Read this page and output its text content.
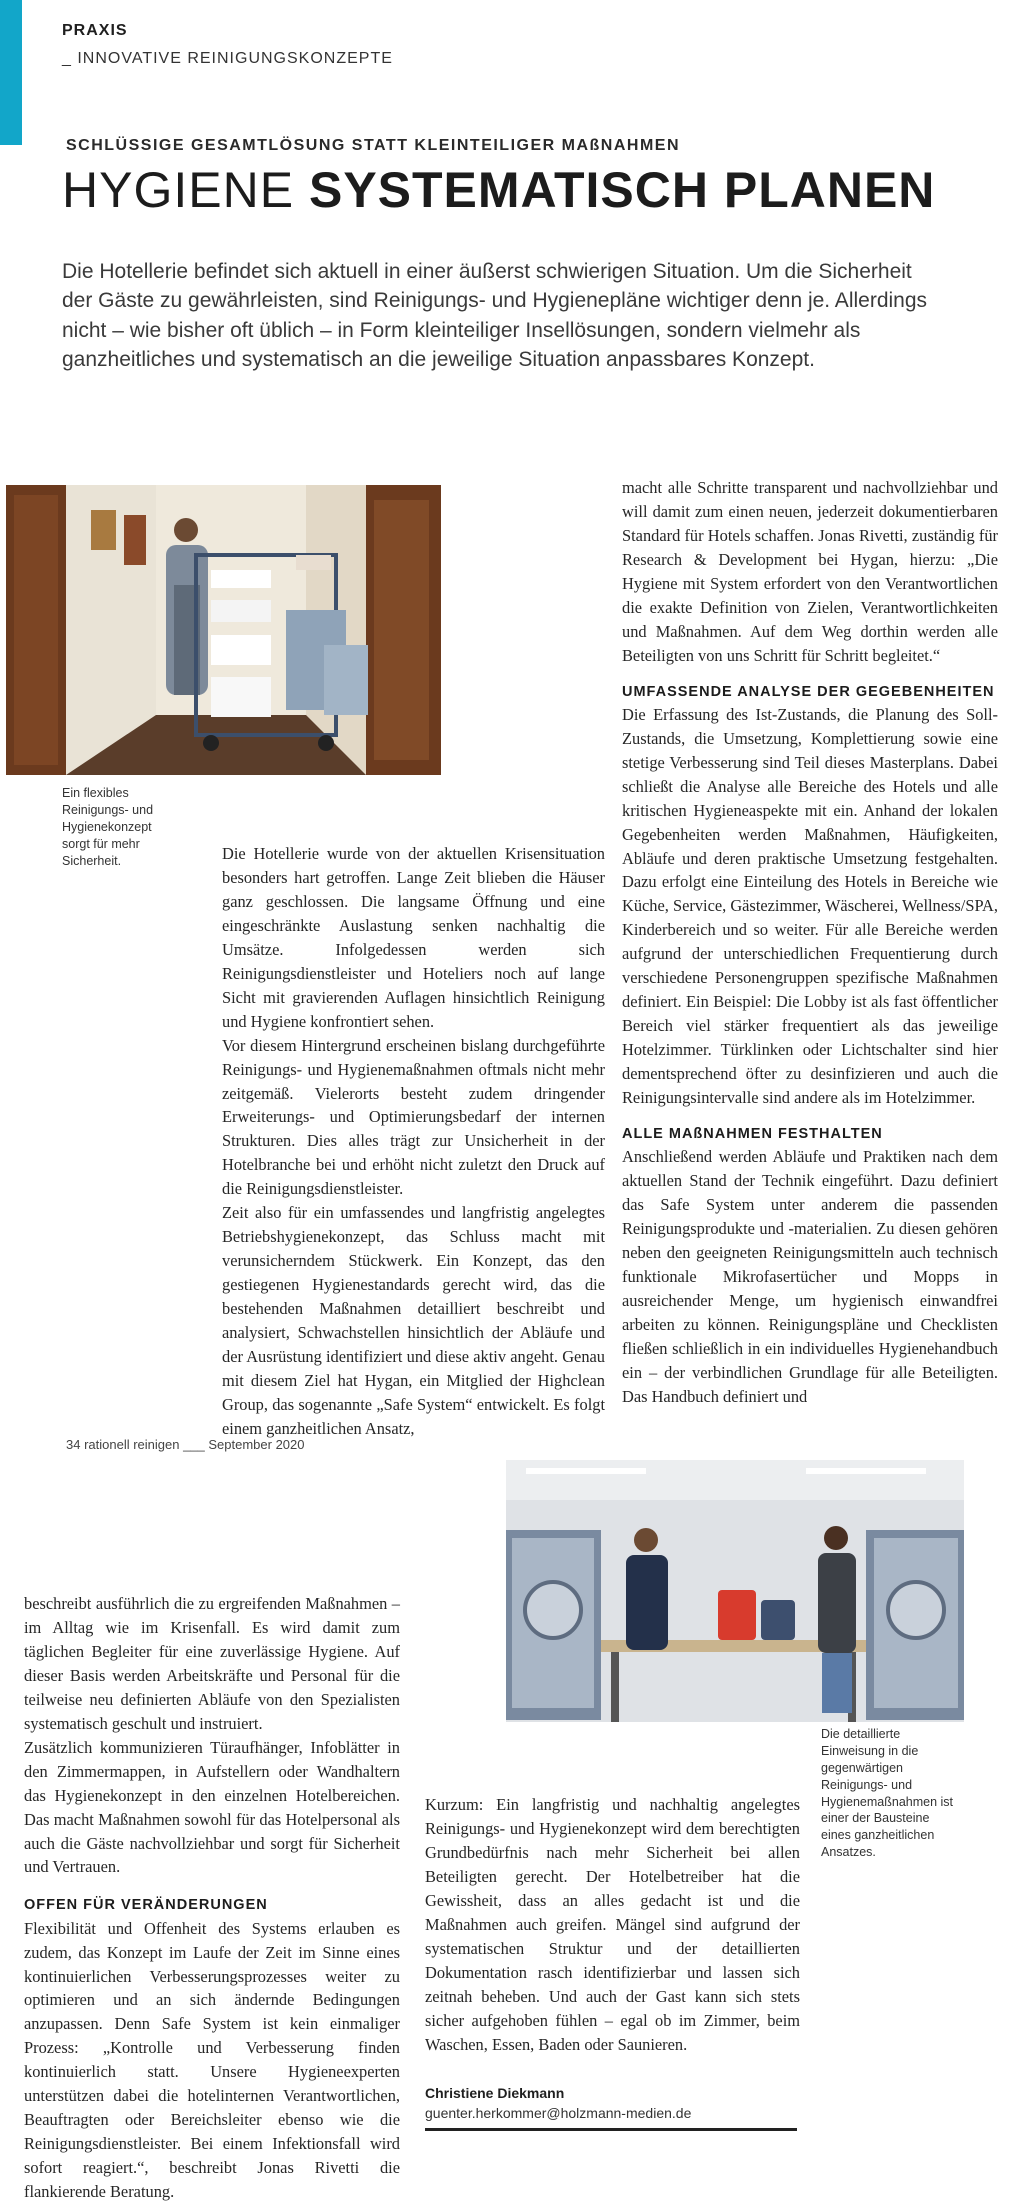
PRAXIS
_ INNOVATIVE REINIGUNGSKONZEPTE
SCHLÜSSIGE GESAMTLÖSUNG STATT KLEINTEILIGER MAßNAHMEN
HYGIENE SYSTEMATISCH PLANEN
Die Hotellerie befindet sich aktuell in einer äußerst schwierigen Situation. Um die Sicherheit der Gäste zu gewährleisten, sind Reinigungs- und Hygienepläne wichtiger denn je. Allerdings nicht – wie bisher oft üblich – in Form kleinteiliger Insellösungen, sondern vielmehr als ganzheitliches und systematisch an die jeweilige Situation anpassbares Konzept.
Ein flexibles Reinigungs- und Hygienekonzept sorgt für mehr Sicherheit.	Die Hotellerie wurde von der aktuellen Krisensituation besonders hart getroffen. Lange Zeit blieben die Häuser ganz geschlossen. Die langsame Öffnung und eine eingeschränkte Auslastung senken nachhaltig die Umsätze. Infolgedessen werden sich Reinigungsdienstleister und Hoteliers noch auf lange Sicht mit gravierenden Auflagen hinsichtlich Reinigung und Hygiene konfrontiert sehen.

Vor diesem Hintergrund erscheinen bislang durchgeführte Reinigungs- und Hygienemaßnahmen oftmals nicht mehr zeitgemäß. Vielerorts besteht zudem dringender Erweiterungs- und Optimierungsbedarf der internen Strukturen. Dies alles trägt zur Unsicherheit in der Hotelbranche bei und erhöht nicht zuletzt den Druck auf die Reinigungsdienstleister.

Zeit also für ein umfassendes und langfristig angelegtes Betriebshygienekonzept, das Schluss macht mit verunsicherndem Stückwerk. Ein Konzept, das den gestiegenen Hygienestandards gerecht wird, das die bestehenden Maßnahmen detailliert beschreibt und analysiert, Schwachstellen hinsichtlich der Abläufe und der Ausrüstung identifiziert und diese aktiv angeht. Genau mit diesem Ziel hat Hygan, ein Mitglied der Highclean Group, das sogenannte „Safe System“ entwickelt. Es folgt einem ganzheitlichen Ansatz,

macht alle Schritte transparent und nachvollziehbar und will damit zum einen neuen, jederzeit dokumentierbaren Standard für Hotels schaffen. Jonas Rivetti, zuständig für Research & Development bei Hygan, hierzu: „Die Hygiene mit System erfordert von den Verantwortlichen die exakte Definition von Zielen, Verantwortlichkeiten und Maßnahmen. Auf dem Weg dorthin werden alle Beteiligten von uns Schritt für Schritt begleitet.“

UMFASSENDE ANALYSE DER GEGEBENHEITEN

Die Erfassung des Ist-Zustands, die Planung des Soll-Zustands, die Umsetzung, Komplettierung sowie eine stetige Verbesserung sind Teil dieses Masterplans. Dabei schließt die Analyse alle Bereiche des Hotels und alle kritischen Hygieneaspekte mit ein. Anhand der lokalen Gegebenheiten werden Maßnahmen, Häufigkeiten, Abläufe und deren praktische Umsetzung festgehalten. Dazu erfolgt eine Einteilung des Hotels in Bereiche wie Küche, Service, Gästezimmer, Wäscherei, Wellness/SPA, Kinderbereich und so weiter. Für alle Bereiche werden aufgrund der unterschiedlichen Frequentierung durch verschiedene Personengruppen spezifische Maßnahmen definiert. Ein Beispiel: Die Lobby ist als fast öffentlicher Bereich viel stärker frequentiert als das jeweilige Hotelzimmer. Türklinken oder Lichtschalter sind hier dementsprechend öfter zu desinfizieren und auch die Reinigungsintervalle sind andere als im Hotelzimmer.

ALLE MAßNAHMEN FESTHALTEN

Anschließend werden Abläufe und Praktiken nach dem aktuellen Stand der Technik eingeführt. Dazu definiert das Safe System unter anderem die passenden Reinigungsprodukte und -materialien. Zu diesen gehören neben den geeigneten Reinigungsmitteln auch technisch funktionale Mikrofasertücher und Mopps in ausreichender Menge, um hygienisch einwandfrei arbeiten zu können. Reinigungspläne und Checklisten fließen schließlich in ein individuelles Hygienehandbuch ein – der verbindlichen Grundlage für alle Beteiligten. Das Handbuch definiert und

34 rationell reinigen ___ September 2020
Die detaillierte Einweisung in die gegenwärtigen Reinigungs- und Hygienemaßnahmen ist einer der Bausteine eines ganzheitlichen Ansatzes.

beschreibt ausführlich die zu ergreifenden Maßnahmen – im Alltag wie im Krisenfall. Es wird damit zum täglichen Begleiter für eine zuverlässige Hygiene. Auf dieser Basis werden Arbeitskräfte und Personal für die teilweise neu definierten Abläufe von den Spezialisten systematisch geschult und instruiert.

Zusätzlich kommunizieren Türaufhänger, Infoblätter in den Zimmermappen, in Aufstellern oder Wandhaltern das Hygienekonzept in den einzelnen Hotelbereichen. Das macht Maßnahmen sowohl für das Hotelpersonal als auch die Gäste nachvollziehbar und sorgt für Sicherheit und Vertrauen.

OFFEN FÜR VERÄNDERUNGEN

Flexibilität und Offenheit des Systems erlauben es zudem, das Konzept im Laufe der Zeit im Sinne eines kontinuierlichen Verbesserungsprozesses weiter zu optimieren und an sich ändernde Bedingungen anzupassen. Denn Safe System ist kein einmaliger Prozess: „Kontrolle und Verbesserung finden kontinuierlich statt. Unsere Hygieneexperten unterstützen dabei die hotelinternen Verantwortlichen, Beauftragten oder Bereichsleiter ebenso wie die Reinigungsdienstleister. Bei einem Infektionsfall wird sofort reagiert.“, beschreibt Jonas Rivetti die flankierende Beratung.

Kurzum: Ein langfristig und nachhaltig angelegtes Reinigungs- und Hygienekonzept wird dem berechtigten Grundbedürfnis nach mehr Sicherheit bei allen Beteiligten gerecht. Der Hotelbetreiber hat die Gewissheit, dass an alles gedacht ist und die Maßnahmen auch greifen. Mängel sind aufgrund der systematischen Struktur und der detaillierten Dokumentation rasch identifizierbar und lassen sich zeitnah beheben. Und auch der Gast kann sich stets sicher aufgehoben fühlen – egal ob im Zimmer, beim Waschen, Essen, Baden oder Saunieren.

Christiene Diekmann
guenter.herkommer@holzmann-medien.de
